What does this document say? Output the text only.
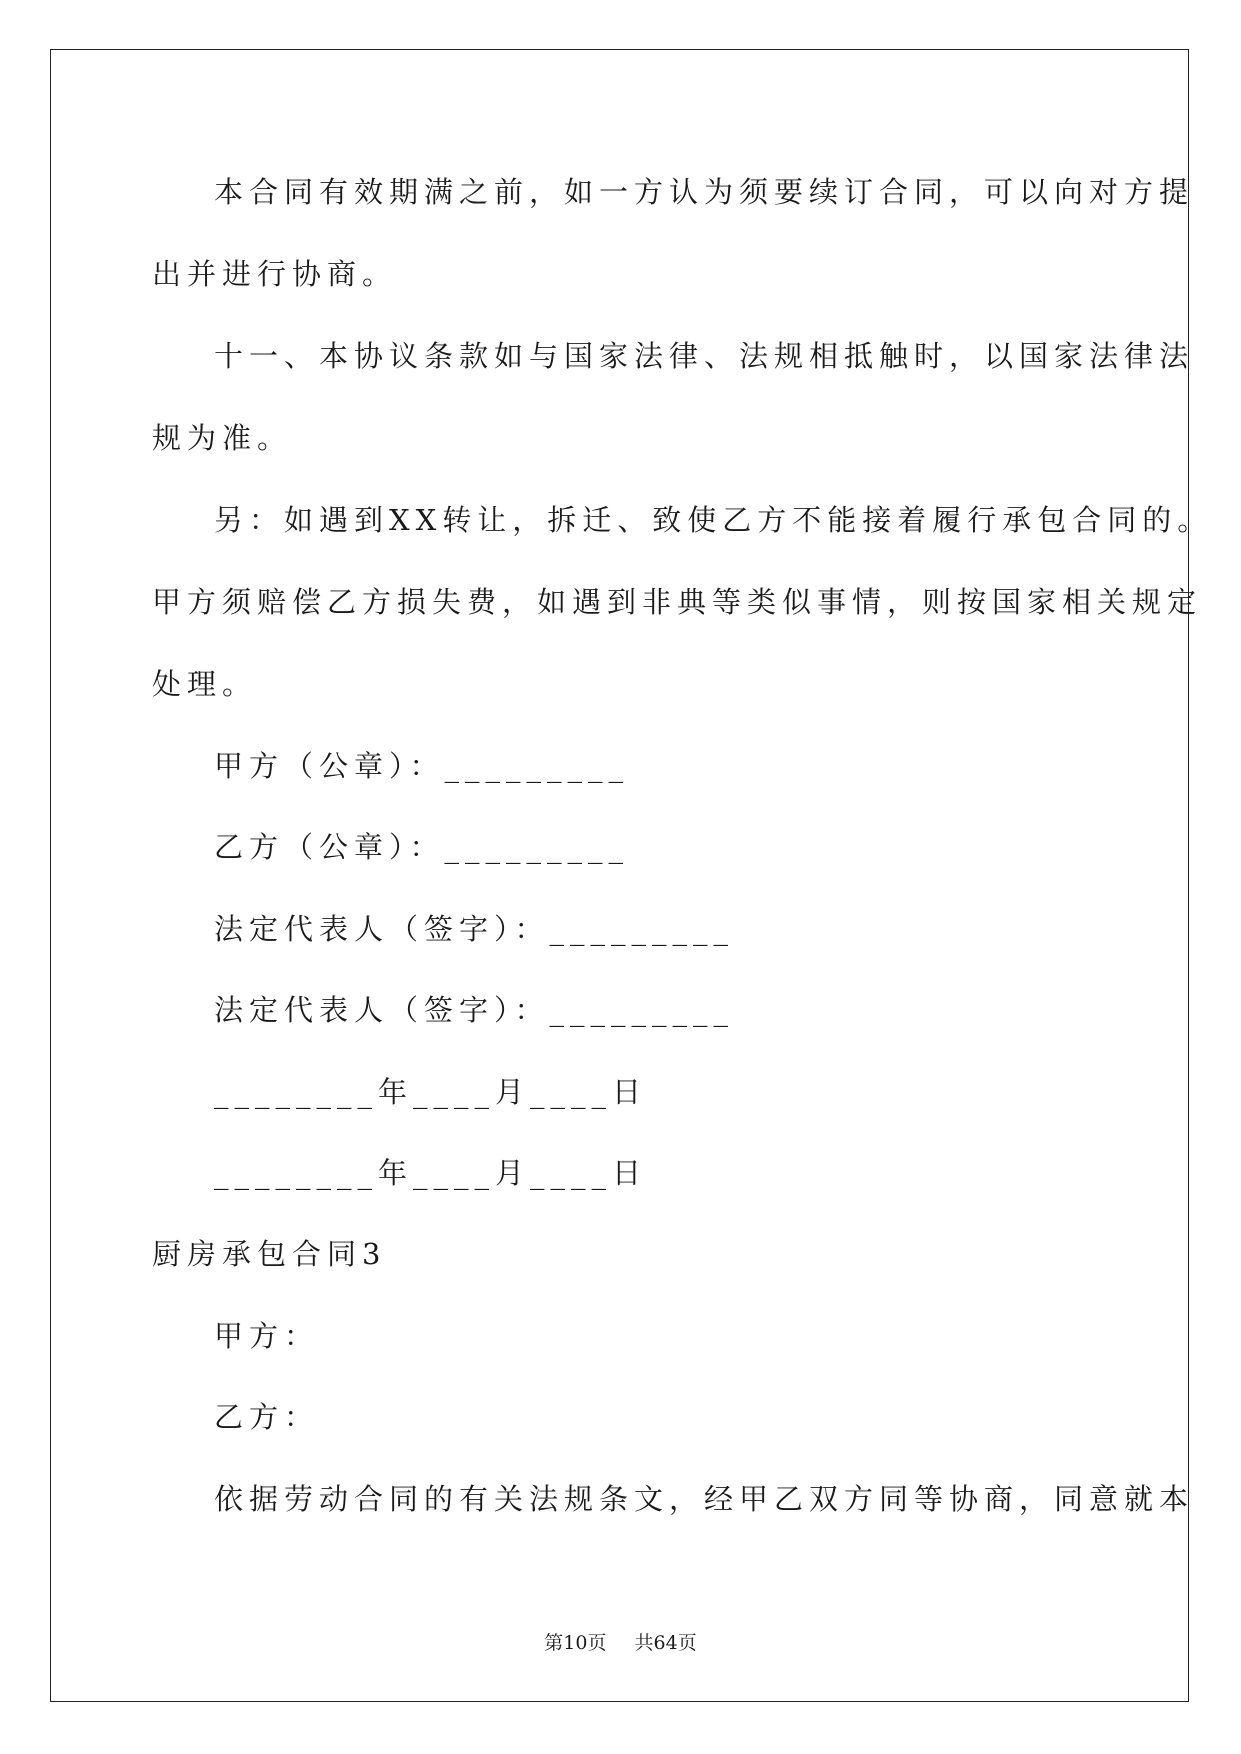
本合同有效期满之前，如一方认为须要续订合同，可以向对方提
出并进行协商。
十一、本协议条款如与国家法律、法规相抵触时，以国家法律法
规为准。
另：如遇到XX转让，拆迁、致使乙方不能接着履行承包合同的。
甲方须赔偿乙方损失费，如遇到非典等类似事情，则按国家相关规定
处理。
甲方（公章）：_________
乙方（公章）：_________
法定代表人（签字）：_________
法定代表人（签字）：_________
________年____月____日
________年____月____日
厨房承包合同3
甲方：
乙方：
依据劳动合同的有关法规条文，经甲乙双方同等协商，同意就本
第10页 共64页
